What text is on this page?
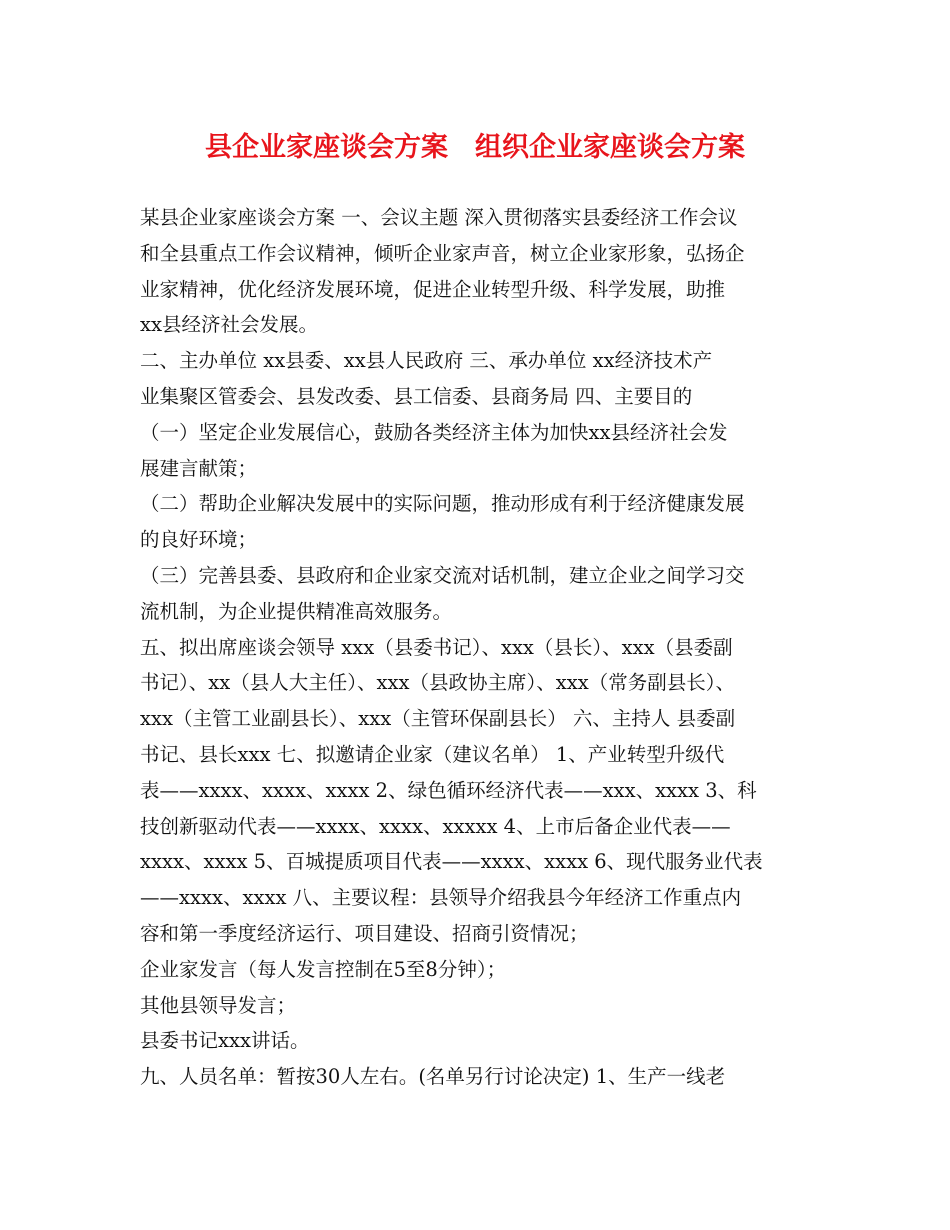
县企业家座谈会方案　组织企业家座谈会方案
某县企业家座谈会方案 一、会议主题 深入贯彻落实县委经济工作会议
和全县重点工作会议精神，倾听企业家声音，树立企业家形象，弘扬企
业家精神，优化经济发展环境，促进企业转型升级、科学发展，助推
xx县经济社会发展。
二、主办单位 xx县委、xx县人民政府 三、承办单位 xx经济技术产
业集聚区管委会、县发改委、县工信委、县商务局 四、主要目的
（一）坚定企业发展信心，鼓励各类经济主体为加快xx县经济社会发
展建言献策；
（二）帮助企业解决发展中的实际问题，推动形成有利于经济健康发展
的良好环境；
（三）完善县委、县政府和企业家交流对话机制，建立企业之间学习交
流机制，为企业提供精准高效服务。
五、拟出席座谈会领导 xxx（县委书记）、xxx（县长）、xxx（县委副
书记）、xx（县人大主任）、xxx（县政协主席）、xxx（常务副县长）、
xxx（主管工业副县长）、xxx（主管环保副县长） 六、主持人 县委副
书记、县长xxx 七、拟邀请企业家（建议名单） 1、产业转型升级代
表——xxxx、xxxx、xxxx 2、绿色循环经济代表——xxx、xxxx 3、科
技创新驱动代表——xxxx、xxxx、xxxxx 4、上市后备企业代表——
xxxx、xxxx 5、百城提质项目代表——xxxx、xxxx 6、现代服务业代表
——xxxx、xxxx 八、主要议程：县领导介绍我县今年经济工作重点内
容和第一季度经济运行、项目建设、招商引资情况；
企业家发言（每人发言控制在5至8分钟）；
其他县领导发言；
县委书记xxx讲话。
九、人员名单：暂按30人左右。(名单另行讨论决定) 1、生产一线老
